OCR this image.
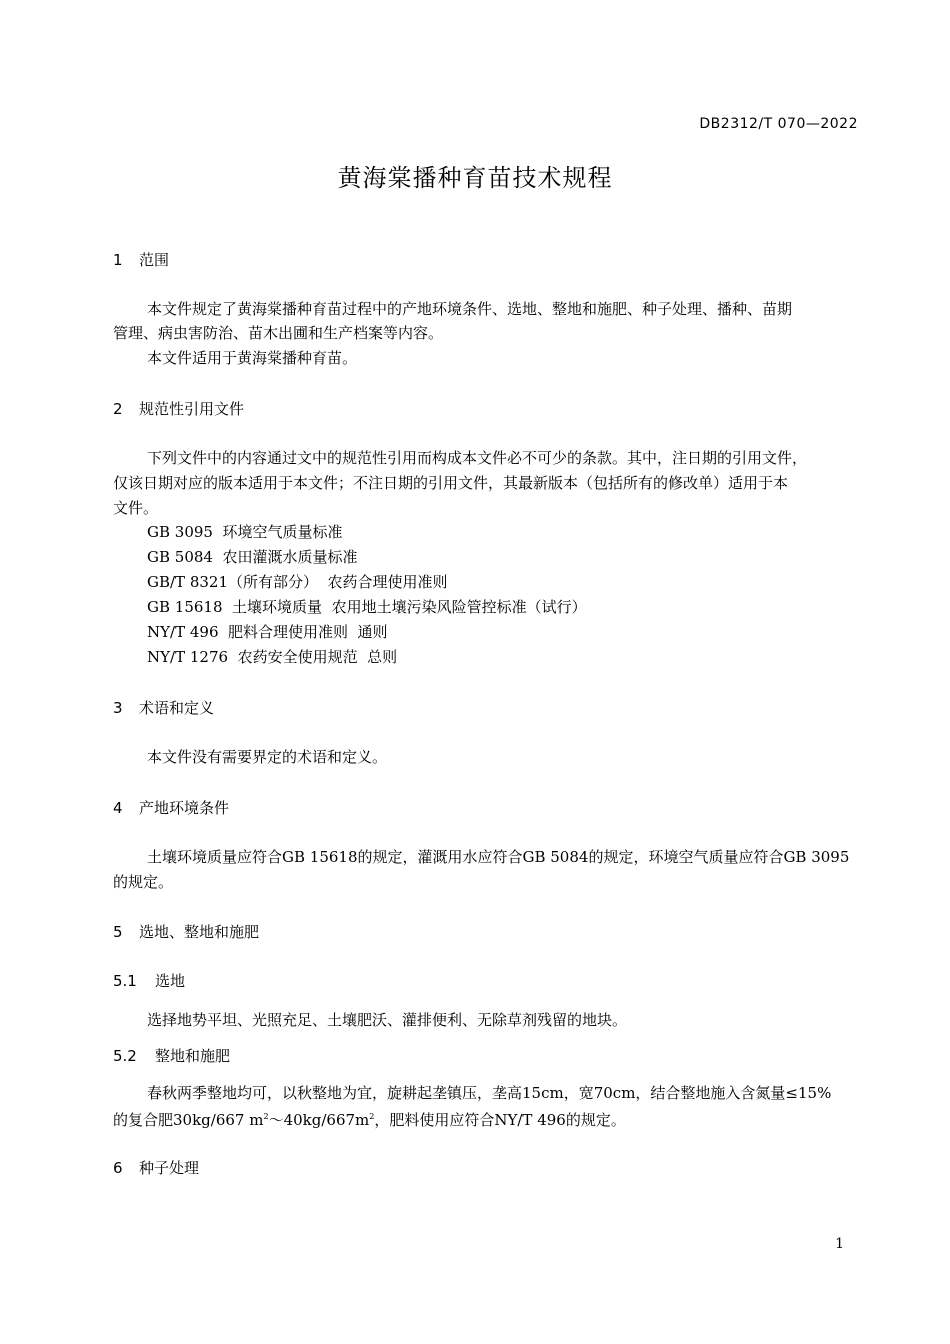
DB2312/T 070—2022
黄海棠播种育苗技术规程
1 范围
本文件规定了黄海棠播种育苗过程中的产地环境条件、选地、整地和施肥、种子处理、播种、苗期
管理、病虫害防治、苗木出圃和生产档案等内容。
本文件适用于黄海棠播种育苗。
2 规范性引用文件
下列文件中的内容通过文中的规范性引用而构成本文件必不可少的条款。其中，注日期的引用文件，
仅该日期对应的版本适用于本文件；不注日期的引用文件，其最新版本（包括所有的修改单）适用于本
文件。
GB 3095  环境空气质量标准
GB 5084  农田灌溉水质量标准
GB/T 8321（所有部分）  农药合理使用准则
GB 15618  土壤环境质量  农用地土壤污染风险管控标准（试行）
NY/T 496  肥料合理使用准则  通则
NY/T 1276  农药安全使用规范  总则
3 术语和定义
本文件没有需要界定的术语和定义。
4 产地环境条件
土壤环境质量应符合GB 15618的规定，灌溉用水应符合GB 5084的规定，环境空气质量应符合GB 3095
的规定。
5 选地、整地和施肥
5.1 选地
选择地势平坦、光照充足、土壤肥沃、灌排便利、无除草剂残留的地块。
5.2 整地和施肥
春秋两季整地均可，以秋整地为宜，旋耕起垄镇压，垄高15cm，宽70cm，结合整地施入含氮量≤15%
的复合肥30kg/667 $m^2\sim 40kg/667m^2$，肥料使用应符合NY/T 496的规定。
6 种子处理
1
